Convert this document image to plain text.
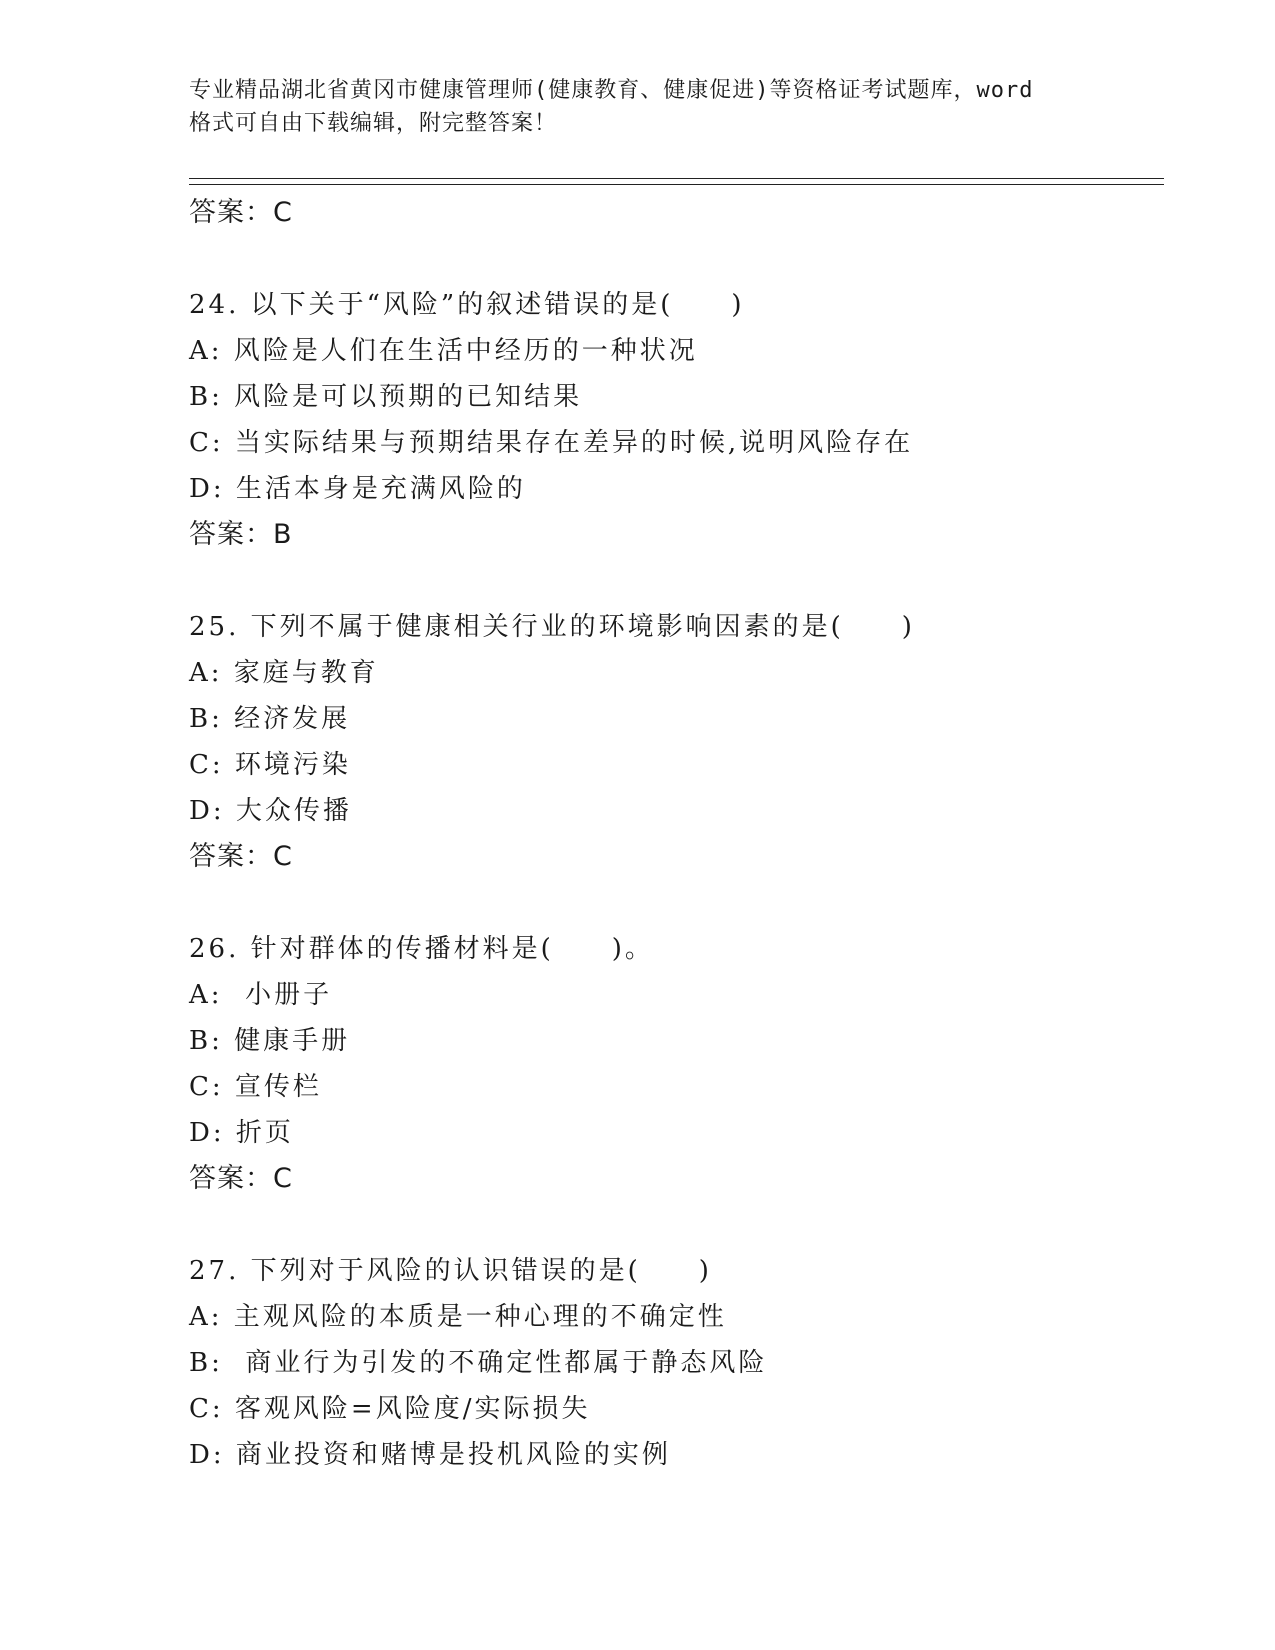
专业精品湖北省黄冈市健康管理师(健康教育、健康促进)等资格证考试题库，word
格式可自由下载编辑，附完整答案！
答案：C
24. 以下关于“风险”的叙述错误的是(　　)
A: 风险是人们在生活中经历的一种状况
B: 风险是可以预期的已知结果
C: 当实际结果与预期结果存在差异的时候,说明风险存在
D: 生活本身是充满风险的
答案：B
25. 下列不属于健康相关行业的环境影响因素的是(　　)
A: 家庭与教育
B: 经济发展
C: 环境污染
D: 大众传播
答案：C
26. 针对群体的传播材料是(　　)。
A:  小册子
B: 健康手册
C: 宣传栏
D: 折页
答案：C
27. 下列对于风险的认识错误的是(　　)
A: 主观风险的本质是一种心理的不确定性
B:  商业行为引发的不确定性都属于静态风险
C: 客观风险=风险度/实际损失
D: 商业投资和赌博是投机风险的实例
